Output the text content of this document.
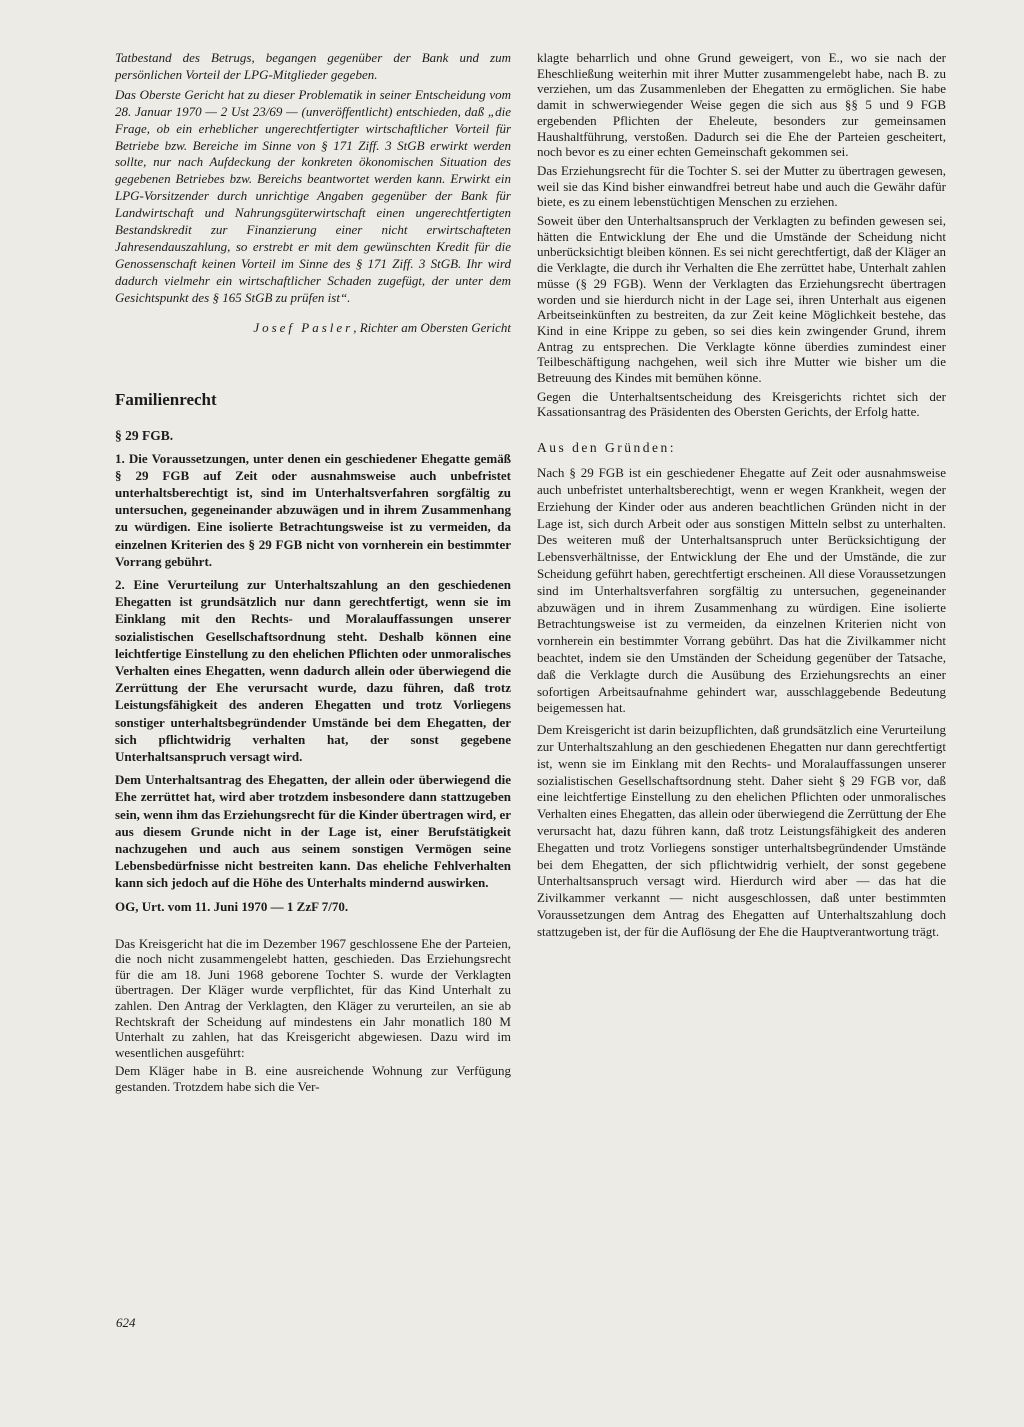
Tatbestand des Betrugs, begangen gegenüber der Bank und zum persönlichen Vorteil der LPG-Mitglieder gegeben.

Das Oberste Gericht hat zu dieser Problematik in seiner Entscheidung vom 28. Januar 1970 — 2 Ust 23/69 — (unveröffentlicht) entschieden, daß „die Frage, ob ein erheblicher ungerechtfertigter wirtschaftlicher Vorteil für Betriebe bzw. Bereiche im Sinne von § 171 Ziff. 3 StGB erwirkt werden sollte, nur nach Aufdeckung der konkreten ökonomischen Situation des gegebenen Betriebes bzw. Bereichs beantwortet werden kann. Erwirkt ein LPG-Vorsitzender durch unrichtige Angaben gegenüber der Bank für Landwirtschaft und Nahrungsgüterwirtschaft einen ungerechtfertigten Bestandskredit zur Finanzierung einer nicht erwirtschafteten Jahresendauszahlung, so erstrebt er mit dem gewünschten Kredit für die Genossenschaft keinen Vorteil im Sinne des § 171 Ziff. 3 StGB. Ihr wird dadurch vielmehr ein wirtschaftlicher Schaden zugefügt, der unter dem Gesichtspunkt des § 165 StGB zu prüfen ist“.

Josef Pasler, Richter am Obersten Gericht

Familienrecht

§ 29 FGB.

1. Die Voraussetzungen, unter denen ein geschiedener Ehegatte gemäß § 29 FGB auf Zeit oder ausnahmsweise auch unbefristet unterhaltsberechtigt ist, sind im Unterhaltsverfahren sorgfältig zu untersuchen, gegeneinander abzuwägen und in ihrem Zusammenhang zu würdigen. Eine isolierte Betrachtungsweise ist zu vermeiden, da einzelnen Kriterien des § 29 FGB nicht von vornherein ein bestimmter Vorrang gebührt.

2. Eine Verurteilung zur Unterhaltszahlung an den geschiedenen Ehegatten ist grundsätzlich nur dann gerechtfertigt, wenn sie im Einklang mit den Rechts- und Moralauffassungen unserer sozialistischen Gesellschaftsordnung steht. Deshalb können eine leichtfertige Einstellung zu den ehelichen Pflichten oder unmoralisches Verhalten eines Ehegatten, wenn dadurch allein oder überwiegend die Zerrüttung der Ehe verursacht wurde, dazu führen, daß trotz Leistungsfähigkeit des anderen Ehegatten und trotz Vorliegens sonstiger unterhaltsbegründender Umstände bei dem Ehegatten, der sich pflichtwidrig verhalten hat, der sonst gegebene Unterhaltsanspruch versagt wird.

Dem Unterhaltsantrag des Ehegatten, der allein oder überwiegend die Ehe zerrüttet hat, wird aber trotzdem insbesondere dann stattzugeben sein, wenn ihm das Erziehungsrecht für die Kinder übertragen wird, er aus diesem Grunde nicht in der Lage ist, einer Berufstätigkeit nachzugehen und auch aus seinem sonstigen Vermögen seine Lebensbedürfnisse nicht bestreiten kann. Das eheliche Fehlverhalten kann sich jedoch auf die Höhe des Unterhalts mindernd auswirken.

OG, Urt. vom 11. Juni 1970 — 1 ZzF 7/70.

Das Kreisgericht hat die im Dezember 1967 geschlossene Ehe der Parteien, die noch nicht zusammengelebt hatten, geschieden. Das Erziehungsrecht für die am 18. Juni 1968 geborene Tochter S. wurde der Verklagten übertragen. Der Kläger wurde verpflichtet, für das Kind Unterhalt zu zahlen. Den Antrag der Verklagten, den Kläger zu verurteilen, an sie ab Rechtskraft der Scheidung auf mindestens ein Jahr monatlich 180 M Unterhalt zu zahlen, hat das Kreisgericht abgewiesen. Dazu wird im wesentlichen ausgeführt:

Dem Kläger habe in B. eine ausreichende Wohnung zur Verfügung gestanden. Trotzdem habe sich die Ver-

klagte beharrlich und ohne Grund geweigert, von E., wo sie nach der Eheschließung weiterhin mit ihrer Mutter zusammengelebt habe, nach B. zu verziehen, um das Zusammenleben der Ehegatten zu ermöglichen. Sie habe damit in schwerwiegender Weise gegen die sich aus §§ 5 und 9 FGB ergebenden Pflichten der Eheleute, besonders zur gemeinsamen Haushaltführung, verstoßen. Dadurch sei die Ehe der Parteien gescheitert, noch bevor es zu einer echten Gemeinschaft gekommen sei.

Das Erziehungsrecht für die Tochter S. sei der Mutter zu übertragen gewesen, weil sie das Kind bisher einwandfrei betreut habe und auch die Gewähr dafür biete, es zu einem lebenstüchtigen Menschen zu erziehen.

Soweit über den Unterhaltsanspruch der Verklagten zu befinden gewesen sei, hätten die Entwicklung der Ehe und die Umstände der Scheidung nicht unberücksichtigt bleiben können. Es sei nicht gerechtfertigt, daß der Kläger an die Verklagte, die durch ihr Verhalten die Ehe zerrüttet habe, Unterhalt zahlen müsse (§ 29 FGB). Wenn der Verklagten das Erziehungsrecht übertragen worden und sie hierdurch nicht in der Lage sei, ihren Unterhalt aus eigenen Arbeitseinkünften zu bestreiten, da zur Zeit keine Möglichkeit bestehe, das Kind in eine Krippe zu geben, so sei dies kein zwingender Grund, ihrem Antrag zu entsprechen. Die Verklagte könne überdies zumindest einer Teilbeschäftigung nachgehen, weil sich ihre Mutter wie bisher um die Betreuung des Kindes mit bemühen könne.

Gegen die Unterhaltsentscheidung des Kreisgerichts richtet sich der Kassationsantrag des Präsidenten des Obersten Gerichts, der Erfolg hatte.

Aus den Gründen:

Nach § 29 FGB ist ein geschiedener Ehegatte auf Zeit oder ausnahmsweise auch unbefristet unterhaltsberechtigt, wenn er wegen Krankheit, wegen der Erziehung der Kinder oder aus anderen beachtlichen Gründen nicht in der Lage ist, sich durch Arbeit oder aus sonstigen Mitteln selbst zu unterhalten. Des weiteren muß der Unterhaltsanspruch unter Berücksichtigung der Lebensverhältnisse, der Entwicklung der Ehe und der Umstände, die zur Scheidung geführt haben, gerechtfertigt erscheinen. All diese Voraussetzungen sind im Unterhaltsverfahren sorgfältig zu untersuchen, gegeneinander abzuwägen und in ihrem Zusammenhang zu würdigen. Eine isolierte Betrachtungsweise ist zu vermeiden, da einzelnen Kriterien nicht von vornherein ein bestimmter Vorrang gebührt. Das hat die Zivilkammer nicht beachtet, indem sie den Umständen der Scheidung gegenüber der Tatsache, daß die Verklagte durch die Ausübung des Erziehungsrechts an einer sofortigen Arbeitsaufnahme gehindert war, ausschlaggebende Bedeutung beigemessen hat.

Dem Kreisgericht ist darin beizupflichten, daß grundsätzlich eine Verurteilung zur Unterhaltszahlung an den geschiedenen Ehegatten nur dann gerechtfertigt ist, wenn sie im Einklang mit den Rechts- und Moralauffassungen unserer sozialistischen Gesellschaftsordnung steht. Daher sieht § 29 FGB vor, daß eine leichtfertige Einstellung zu den ehelichen Pflichten oder unmoralisches Verhalten eines Ehegatten, das allein oder überwiegend die Zerrüttung der Ehe verursacht hat, dazu führen kann, daß trotz Leistungsfähigkeit des anderen Ehegatten und trotz Vorliegens sonstiger unterhaltsbegründender Umstände bei dem Ehegatten, der sich pflichtwidrig verhielt, der sonst gegebene Unterhaltsanspruch versagt wird. Hierdurch wird aber — das hat die Zivilkammer verkannt — nicht ausgeschlossen, daß unter bestimmten Voraussetzungen dem Antrag des Ehegatten auf Unterhaltszahlung doch stattzugeben ist, der für die Auflösung der Ehe die Hauptverantwortung trägt.

624
